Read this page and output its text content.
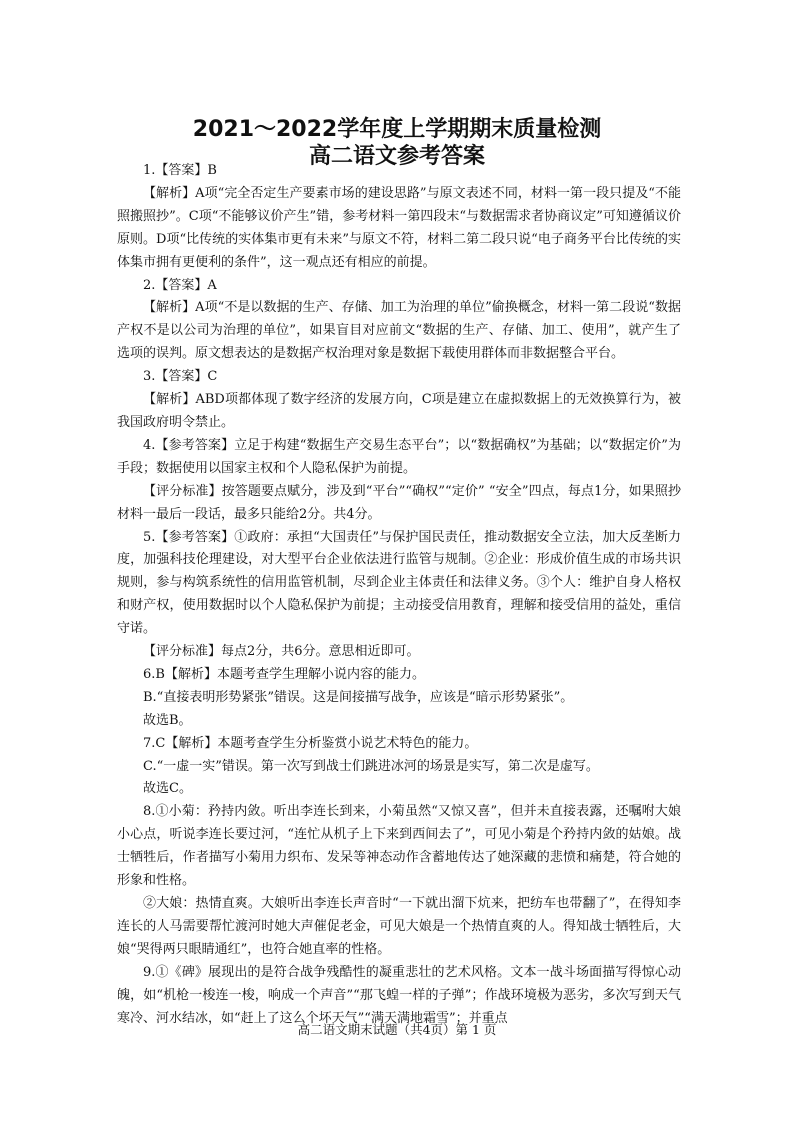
2021～2022学年度上学期期末质量检测
高二语文参考答案

1.【答案】B

【解析】A项“完全否定生产要素市场的建设思路”与原文表述不同，材料一第一段只提及“不能照搬照抄”。C项“不能够议价产生”错，参考材料一第四段末“与数据需求者协商议定”可知遵循议价原则。D项“比传统的实体集市更有未来”与原文不符，材料二第二段只说“电子商务平台比传统的实体集市拥有更便利的条件”，这一观点还有相应的前提。

2.【答案】A

【解析】A项“不是以数据的生产、存储、加工为治理的单位”偷换概念，材料一第二段说“数据产权不是以公司为治理的单位”，如果盲目对应前文“数据的生产、存储、加工、使用”，就产生了选项的误判。原文想表达的是数据产权治理对象是数据下载使用群体而非数据整合平台。

3.【答案】C

【解析】ABD项都体现了数字经济的发展方向，C项是建立在虚拟数据上的无效换算行为，被我国政府明令禁止。

4.【参考答案】立足于构建“数据生产交易生态平台”；以“数据确权”为基础；以“数据定价”为手段；数据使用以国家主权和个人隐私保护为前提。

【评分标准】按答题要点赋分，涉及到“平台”“确权”“定价” “安全”四点，每点1分，如果照抄材料一最后一段话，最多只能给2分。共4分。

5.【参考答案】①政府：承担“大国责任”与保护国民责任，推动数据安全立法，加大反垄断力度，加强科技伦理建设，对大型平台企业依法进行监管与规制。②企业：形成价值生成的市场共识规则，参与构筑系统性的信用监管机制，尽到企业主体责任和法律义务。③个人：维护自身人格权和财产权，使用数据时以个人隐私保护为前提；主动接受信用教育，理解和接受信用的益处，重信守诺。

【评分标准】每点2分，共6分。意思相近即可。

6.B【解析】本题考查学生理解小说内容的能力。

B.“直接表明形势紧张”错误。这是间接描写战争，应该是“暗示形势紧张”。

故选B。

7.C【解析】本题考查学生分析鉴赏小说艺术特色的能力。

C.“一虚一实”错误。第一次写到战士们跳进冰河的场景是实写，第二次是虚写。

故选C。

8.①小菊：矜持内敛。听出李连长到来，小菊虽然“又惊又喜”，但并未直接表露，还嘱咐大娘小心点，听说李连长要过河，“连忙从机子上下来到西间去了”，可见小菊是个矜持内敛的姑娘。战士牺牲后，作者描写小菊用力织布、发呆等神态动作含蓄地传达了她深藏的悲愤和痛楚，符合她的形象和性格。

②大娘：热情直爽。大娘听出李连长声音时“一下就出溜下炕来，把纺车也带翻了”，在得知李连长的人马需要帮忙渡河时她大声催促老金，可见大娘是一个热情直爽的人。得知战士牺牲后，大娘“哭得两只眼睛通红”，也符合她直率的性格。

9.①《碑》展现出的是符合战争残酷性的凝重悲壮的艺术风格。文本一战斗场面描写得惊心动魄，如“机枪一梭连一梭，响成一个声音”“那飞蝗一样的子弹”；作战环境极为恶劣，多次写到天气寒冷、河水结冰，如“赶上了这么个坏天气”“满天满地霜雪”；并重点

高二语文期末试题（共4页）第 1 页
